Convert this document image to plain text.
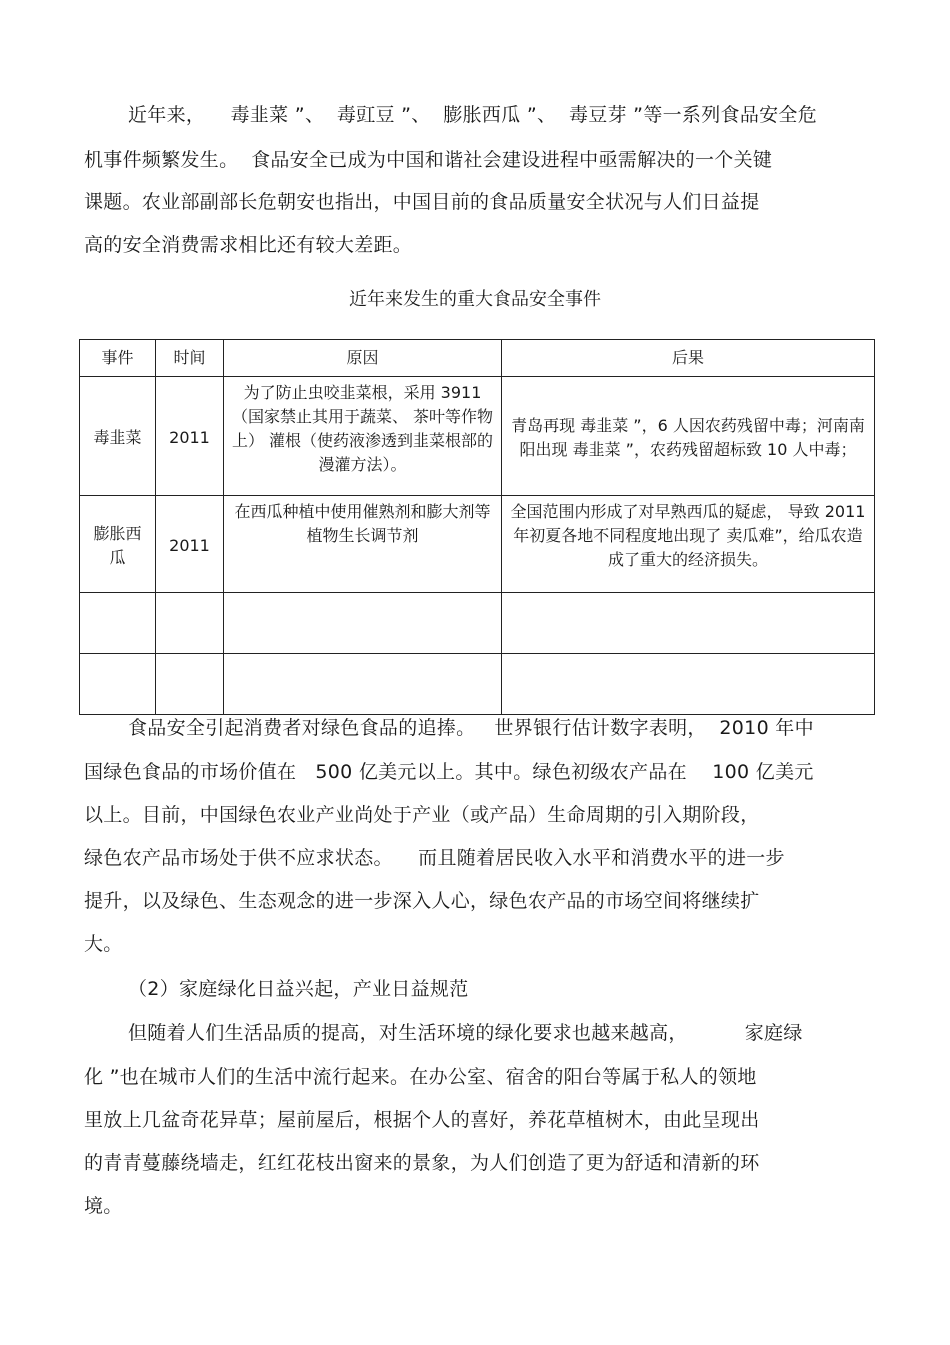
近年来，    毒韭菜 ”、  毒豇豆 ”、  膨胀西瓜 ”、  毒豆芽 ”等一系列食品安全危
机事件频繁发生。  食品安全已成为中国和谐社会建设进程中亟需解决的一个关键
课题。农业部副部长危朝安也指出，中国目前的食品质量安全状况与人们日益提
高的安全消费需求相比还有较大差距。
近年来发生的重大食品安全事件
事件	时间	原因	后果
毒韭菜	2011	为了防止虫咬韭菜根，采用 3911（国家禁止其用于蔬菜、 茶叶等作物上） 灌根（使药液渗透到韭菜根部的漫灌方法）。	青岛再现 毒韭菜 ”，6 人因农药残留中毒；河南南阳出现 毒韭菜 ”，农药残留超标致 10 人中毒；
膨胀西瓜	2011	在西瓜种植中使用催熟剂和膨大剂等植物生长调节剂	全国范围内形成了对早熟西瓜的疑虑， 导致 2011 年初夏各地不同程度地出现了 卖瓜难”，给瓜农造成了重大的经济损失。

食品安全引起消费者对绿色食品的追捧。   世界银行估计数字表明，  2010 年中
国绿色食品的市场价值在   500 亿美元以上。其中。绿色初级农产品在    100 亿美元
以上。目前，中国绿色农业产业尚处于产业（或产品）生命周期的引入期阶段，
绿色农产品市场处于供不应求状态。    而且随着居民收入水平和消费水平的进一步
提升，以及绿色、生态观念的进一步深入人心，绿色农产品的市场空间将继续扩
大。
（2）家庭绿化日益兴起，产业日益规范
但随着人们生活品质的提高，对生活环境的绿化要求也越来越高，         家庭绿
化 ”也在城市人们的生活中流行起来。在办公室、宿舍的阳台等属于私人的领地
里放上几盆奇花异草；屋前屋后，根据个人的喜好，养花草植树木，由此呈现出
的青青蔓藤绕墙走，红红花枝出窗来的景象，为人们创造了更为舒适和清新的环
境。
